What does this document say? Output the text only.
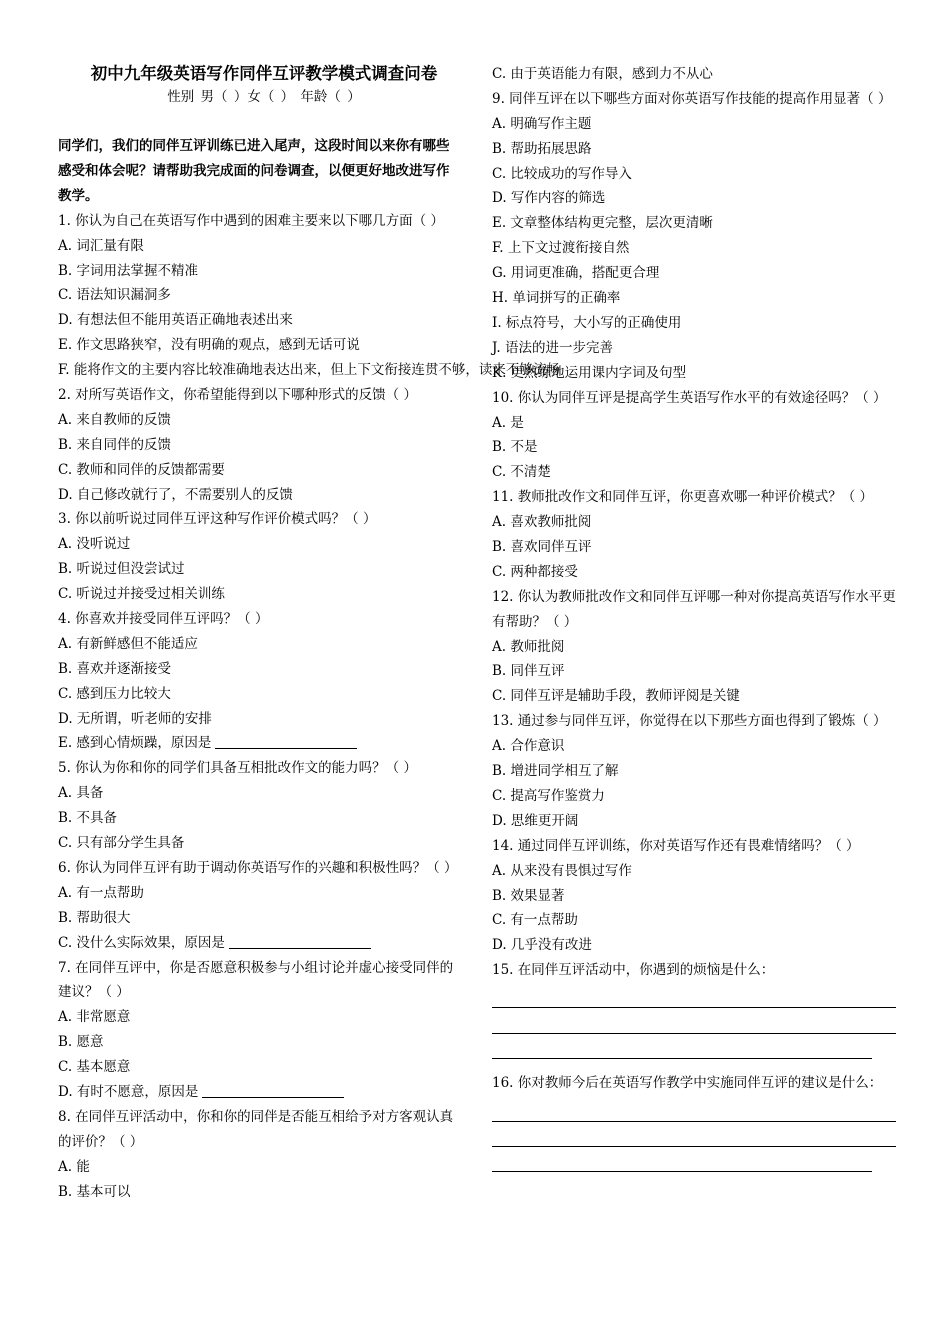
初中九年级英语写作同伴互评教学模式调查问卷
性别 男（ ）女（ ） 年龄（ ）
同学们，我们的同伴互评训练已进入尾声，这段时间以来你有哪些感受和体会呢？请帮助我完成面的问卷调查，以便更好地改进写作教学。
1. 你认为自己在英语写作中遇到的困难主要来以下哪几方面（ ）
A. 词汇量有限
B. 字词用法掌握不精准
C. 语法知识漏洞多
D. 有想法但不能用英语正确地表述出来
E. 作文思路狭窄，没有明确的观点，感到无话可说
F. 能将作文的主要内容比较准确地表达出来，但上下文衔接连贯不够，读来不够流畅
2. 对所写英语作文，你希望能得到以下哪种形式的反馈（ ）
A. 来自教师的反馈
B. 来自同伴的反馈
C. 教师和同伴的反馈都需要
D. 自己修改就行了，不需要别人的反馈
3. 你以前听说过同伴互评这种写作评价模式吗？（ ）
A. 没听说过
B. 听说过但没尝试过
C. 听说过并接受过相关训练
4. 你喜欢并接受同伴互评吗？（ ）
A. 有新鲜感但不能适应
B. 喜欢并逐渐接受
C. 感到压力比较大
D. 无所谓，听老师的安排
E. 感到心情烦躁，原因是
5. 你认为你和你的同学们具备互相批改作文的能力吗？（ ）
A. 具备
B. 不具备
C. 只有部分学生具备
6. 你认为同伴互评有助于调动你英语写作的兴趣和积极性吗？（ ）
A. 有一点帮助
B. 帮助很大
C. 没什么实际效果，原因是
7. 在同伴互评中，你是否愿意积极参与小组讨论并虚心接受同伴的建议？（ ）
A. 非常愿意
B. 愿意
C. 基本愿意
D. 有时不愿意，原因是
8. 在同伴互评活动中，你和你的同伴是否能互相给予对方客观认真的评价？（ ）
A. 能
B. 基本可以
C. 由于英语能力有限，感到力不从心
9. 同伴互评在以下哪些方面对你英语写作技能的提高作用显著（ ）
A. 明确写作主题
B. 帮助拓展思路
C. 比较成功的写作导入
D. 写作内容的筛选
E. 文章整体结构更完整，层次更清晰
F. 上下文过渡衔接自然
G. 用词更准确，搭配更合理
H. 单词拼写的正确率
I. 标点符号，大小写的正确使用
J. 语法的进一步完善
K. 更熟练地运用课内字词及句型
10. 你认为同伴互评是提高学生英语写作水平的有效途径吗？（ ）
A. 是
B. 不是
C. 不清楚
11. 教师批改作文和同伴互评，你更喜欢哪一种评价模式？（ ）
A. 喜欢教师批阅
B. 喜欢同伴互评
C. 两种都接受
12. 你认为教师批改作文和同伴互评哪一种对你提高英语写作水平更有帮助？（ ）
A. 教师批阅
B. 同伴互评
C. 同伴互评是辅助手段，教师评阅是关键
13. 通过参与同伴互评，你觉得在以下那些方面也得到了锻炼（ ）
A. 合作意识
B. 增进同学相互了解
C. 提高写作鉴赏力
D. 思维更开阔
14. 通过同伴互评训练，你对英语写作还有畏难情绪吗？（ ）
A. 从来没有畏惧过写作
B. 效果显著
C. 有一点帮助
D. 几乎没有改进
15. 在同伴互评活动中，你遇到的烦恼是什么：
16. 你对教师今后在英语写作教学中实施同伴互评的建议是什么：
